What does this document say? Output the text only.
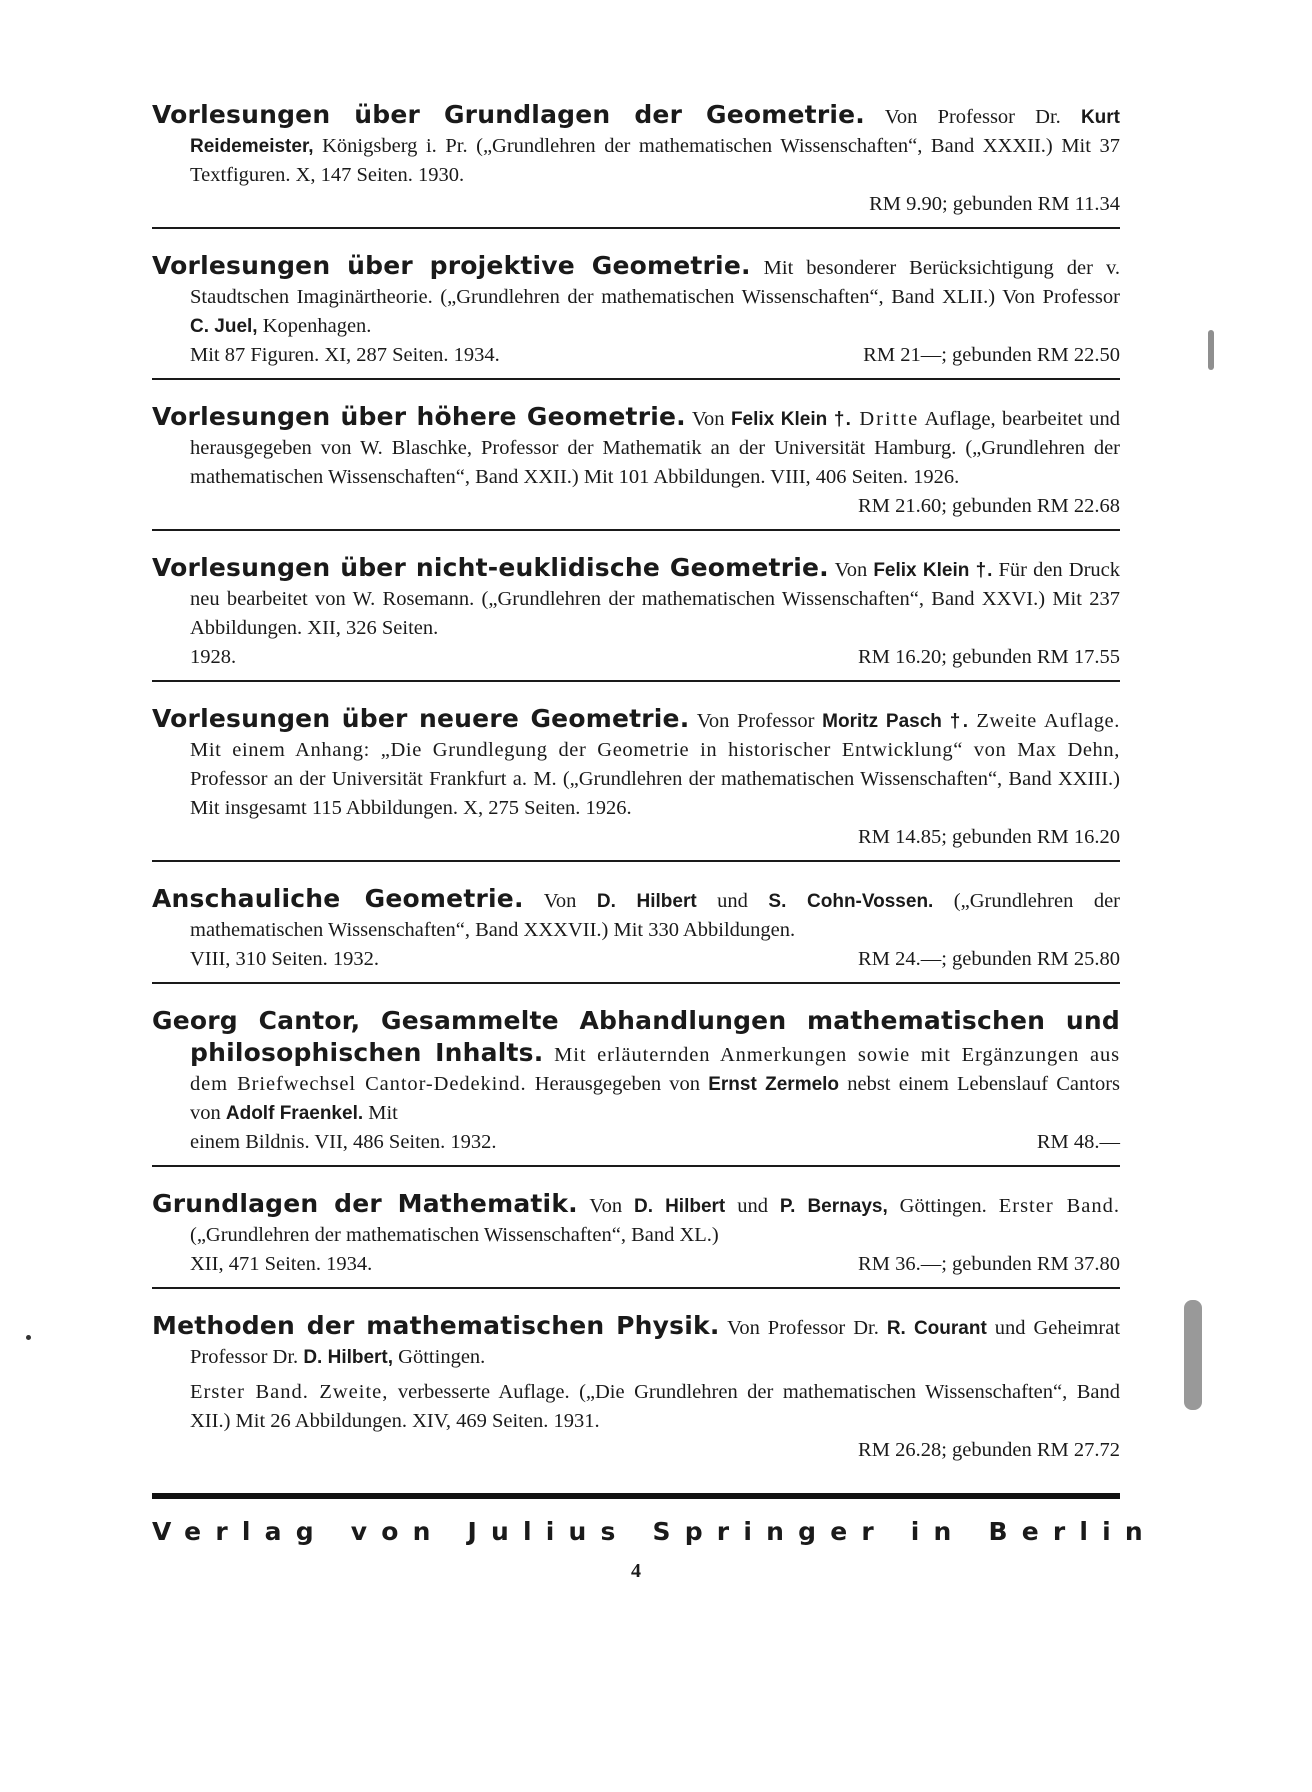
Vorlesungen über Grundlagen der Geometrie. Von Professor Dr. Kurt Reidemeister, Königsberg i. Pr. („Grundlehren der mathematischen Wissenschaften“, Band XXXII.) Mit 37 Textfiguren. X, 147 Seiten. 1930.

RM 9.90; gebunden RM 11.34

Vorlesungen über projektive Geometrie. Mit besonderer Berücksichtigung der v. Staudtschen Imaginärtheorie. („Grundlehren der mathematischen Wissenschaften“, Band XLII.) Von Professor C. Juel, Kopenhagen.

Mit 87 Figuren. XI, 287 Seiten. 1934.	RM 21—; gebunden RM 22.50

Vorlesungen über höhere Geometrie. Von Felix Klein †. Dritte Auflage, bearbeitet und herausgegeben von W. Blaschke, Professor der Mathematik an der Universität Hamburg. („Grundlehren der mathematischen Wissenschaften“, Band XXII.) Mit 101 Abbildungen. VIII, 406 Seiten. 1926.

RM 21.60; gebunden RM 22.68

Vorlesungen über nicht-euklidische Geometrie. Von Felix Klein †. Für den Druck neu bearbeitet von W. Rosemann. („Grundlehren der mathematischen Wissenschaften“, Band XXVI.) Mit 237 Abbildungen. XII, 326 Seiten.

1928.	RM 16.20; gebunden RM 17.55

Vorlesungen über neuere Geometrie. Von Professor Moritz Pasch †. Zweite Auflage. Mit einem Anhang: „Die Grundlegung der Geometrie in historischer Entwicklung“ von Max Dehn, Professor an der Universität Frankfurt a. M. („Grundlehren der mathematischen Wissenschaften“, Band XXIII.) Mit insgesamt 115 Abbildungen. X, 275 Seiten. 1926.

RM 14.85; gebunden RM 16.20

Anschauliche Geometrie. Von D. Hilbert und S. Cohn-Vossen. („Grundlehren der mathematischen Wissenschaften“, Band XXXVII.) Mit 330 Abbildungen.

VIII, 310 Seiten. 1932.	RM 24.—; gebunden RM 25.80

Georg Cantor, Gesammelte Abhandlungen mathematischen und philosophischen Inhalts. Mit erläuternden Anmerkungen sowie mit Ergänzungen aus dem Briefwechsel Cantor-Dedekind. Herausgegeben von Ernst Zermelo nebst einem Lebenslauf Cantors von Adolf Fraenkel. Mit

einem Bildnis. VII, 486 Seiten. 1932.	RM 48.—

Grundlagen der Mathematik. Von D. Hilbert und P. Bernays, Göttingen. Erster Band. („Grundlehren der mathematischen Wissenschaften“, Band XL.)

XII, 471 Seiten. 1934.	RM 36.—; gebunden RM 37.80

Methoden der mathematischen Physik. Von Professor Dr. R. Courant und Geheimrat Professor Dr. D. Hilbert, Göttingen.

Erster Band. Zweite, verbesserte Auflage. („Die Grundlehren der mathematischen Wissenschaften“, Band XII.) Mit 26 Abbildungen. XIV, 469 Seiten. 1931.

RM 26.28; gebunden RM 27.72
Verlag von Julius Springer in Berlin
4
